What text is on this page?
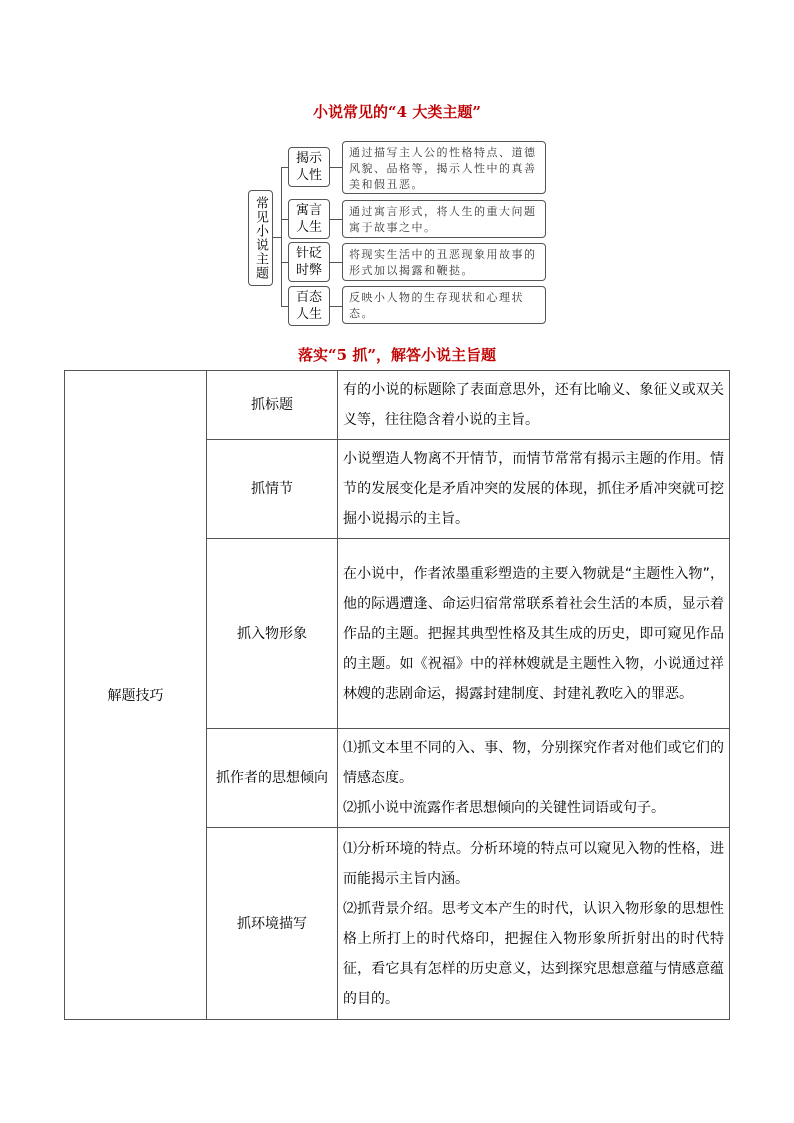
小说常见的“4 大类主题”
常见小说主题
揭示人性
通过描写主人公的性格特点、道德风貌、品格等，揭示人性中的真善美和假丑恶。
寓言人生
通过寓言形式，将人生的重大问题寓于故事之中。
针砭时弊
将现实生活中的丑恶现象用故事的形式加以揭露和鞭挞。
百态人生
反映小人物的生存现状和心理状态。
落实“5 抓”，解答小说主旨题
解题技巧	抓标题	有的小说的标题除了表面意思外，还有比喻义、象征义或双关义等，往往隐含着小说的主旨。

	抓情节	小说塑造人物离不开情节，而情节常常有揭示主题的作用。情节的发展变化是矛盾冲突的发展的体现，抓住矛盾冲突就可挖掘小说揭示的主旨。

	抓入物形象	在小说中，作者浓墨重彩塑造的主要入物就是“主题性入物”，他的际遇遭逢、命运归宿常常联系着社会生活的本质，显示着作品的主题。把握其典型性格及其生成的历史，即可窥见作品的主题。如《祝福》中的祥林嫂就是主题性入物，小说通过祥林嫂的悲剧命运，揭露封建制度、封建礼教吃入的罪恶。

	抓作者的思想倾向	⑴抓文本里不同的入、事、物，分别探究作者对他们或它们的情感态度。

⑵抓小说中流露作者思想倾向的关键性词语或句子。

	抓环境描写	⑴分析环境的特点。分析环境的特点可以窥见入物的性格，进而能揭示主旨内涵。

⑵抓背景介绍。思考文本产生的时代，认识入物形象的思想性格上所打上的时代烙印，把握住入物形象所折射出的时代特征，看它具有怎样的历史意义，达到探究思想意蕴与情感意蕴的目的。
